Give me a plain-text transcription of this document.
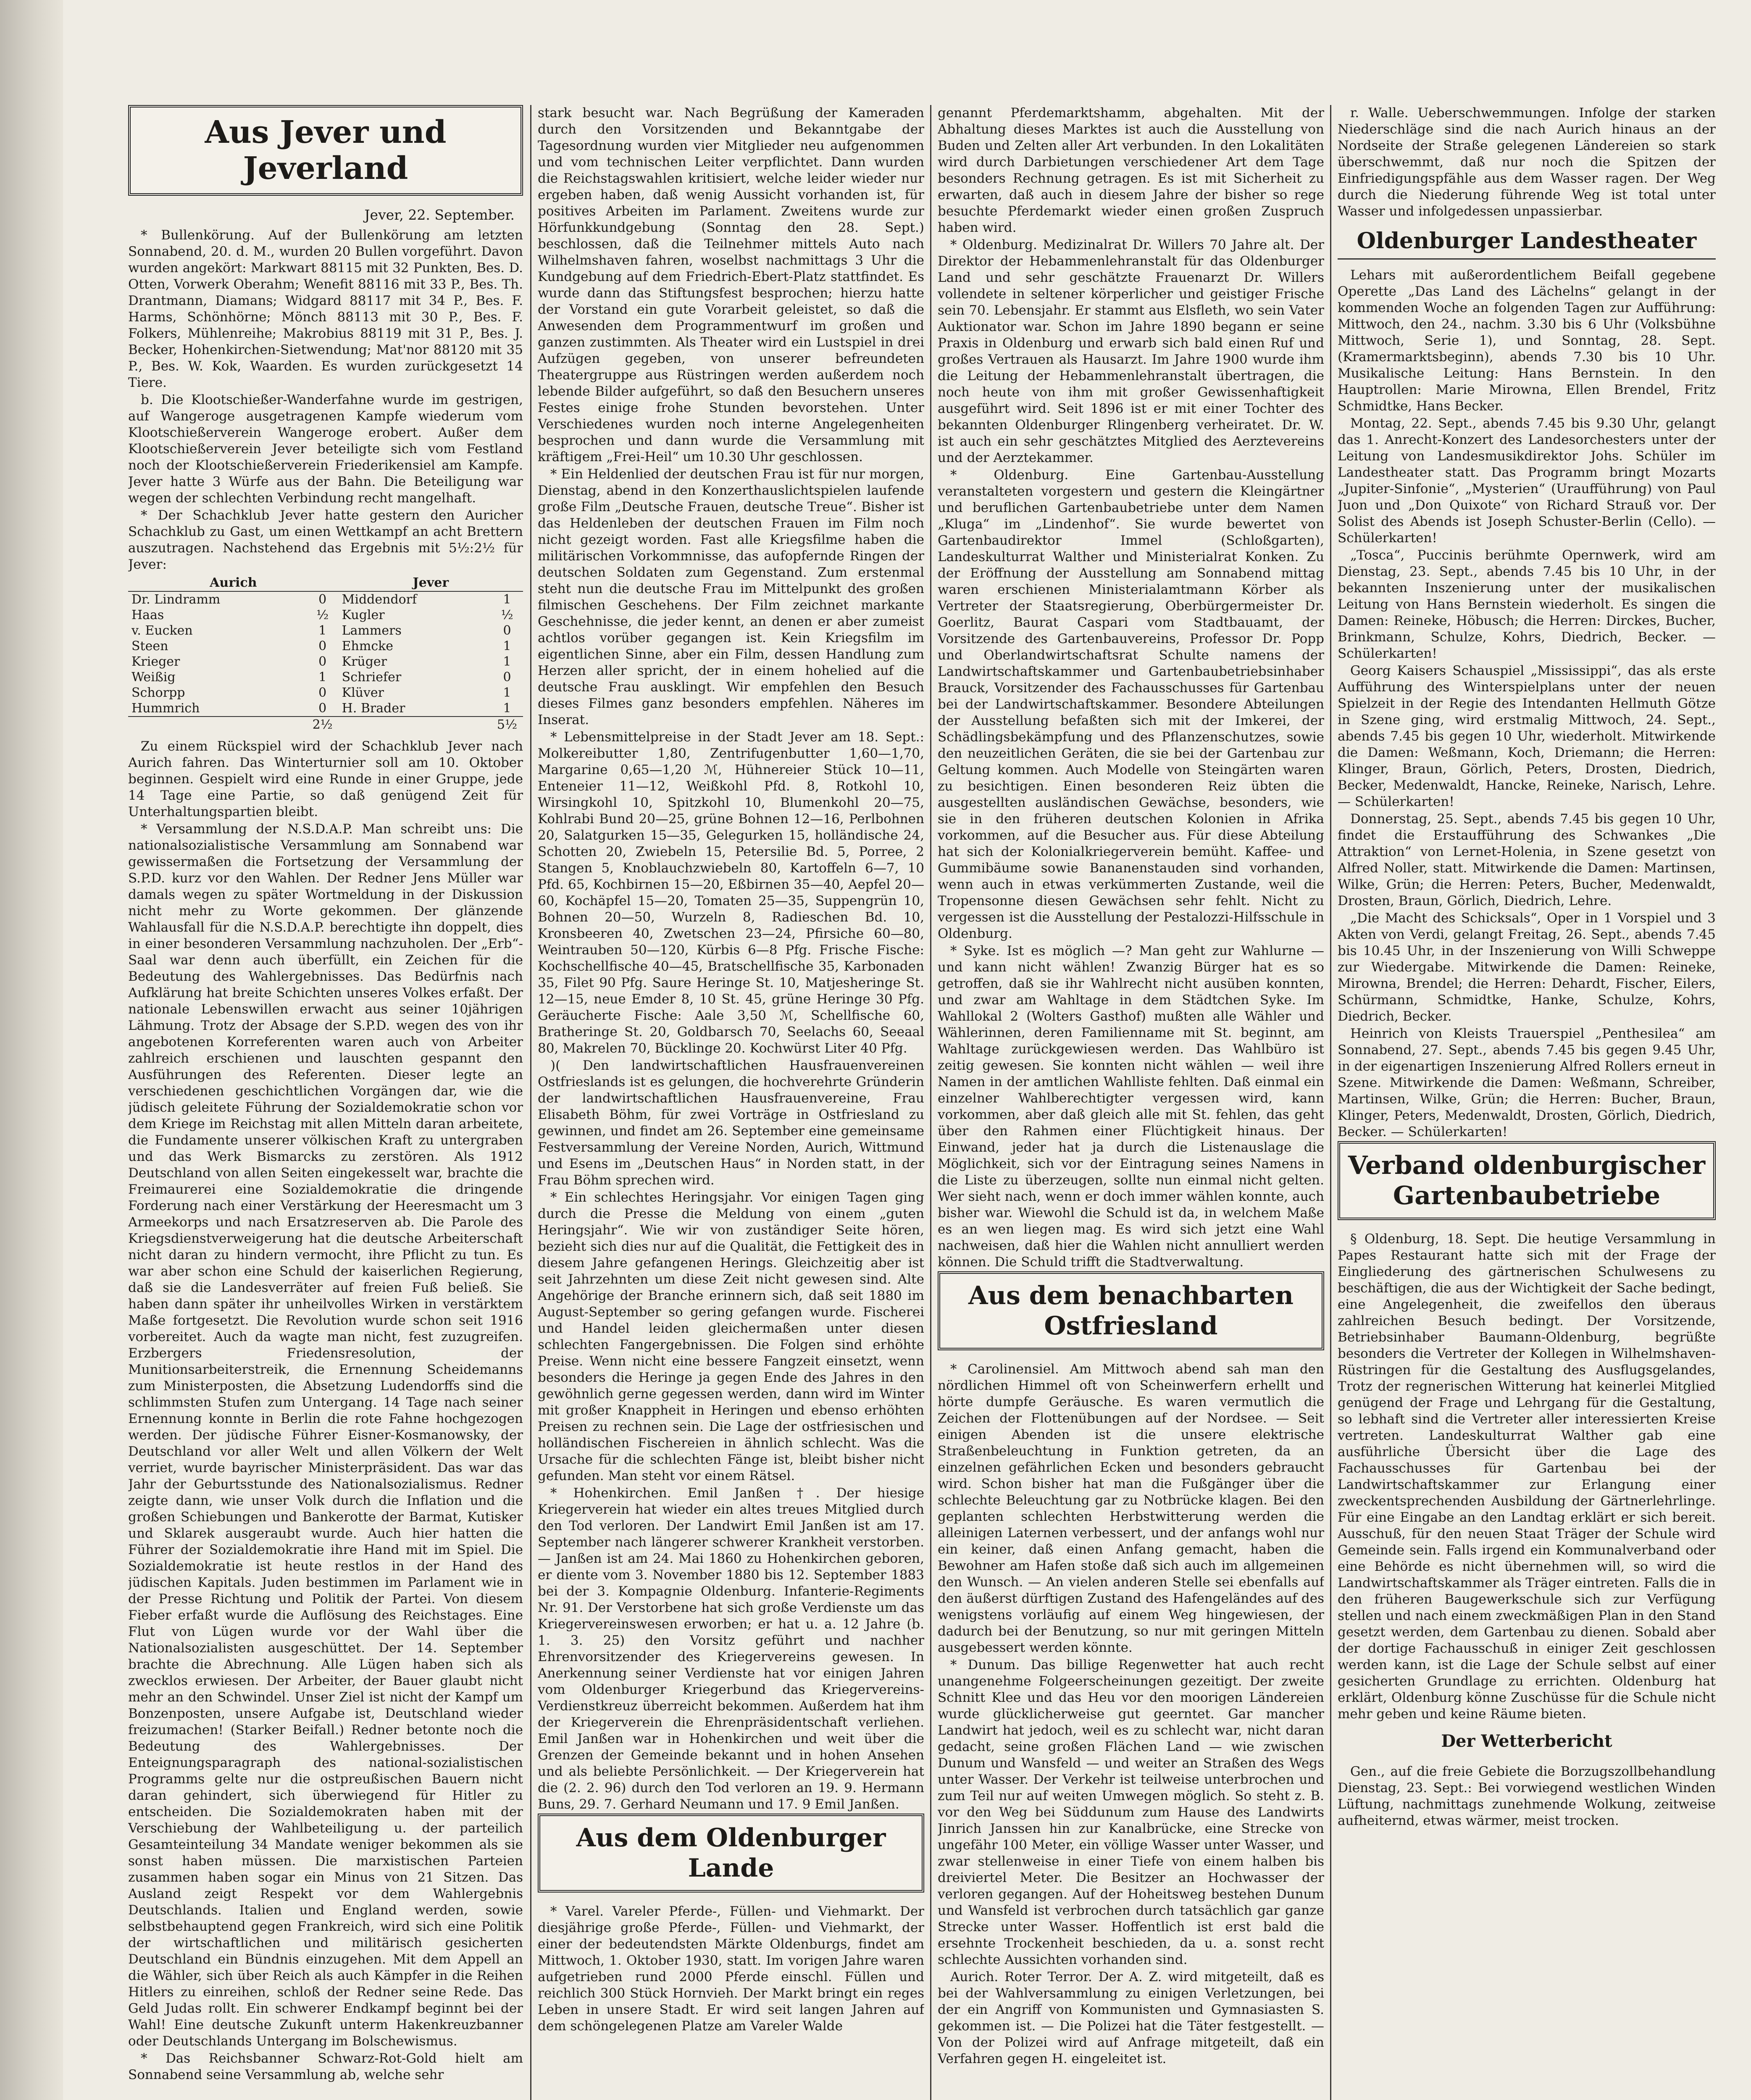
Aus Jever und Jeverland
Jever, 22. September.

* Bullenkörung. Auf der Bullenkörung am letzten Sonnabend, 20. d. M., wurden 20 Bullen vorgeführt. Davon wurden angekört: Markwart 88115 mit 32 Punkten, Bes. D. Otten, Vorwerk Oberahm; Wenefit 88116 mit 33 P., Bes. Th. Drantmann, Diamans; Widgard 88117 mit 34 P., Bes. F. Harms, Schönhörne; Mönch 88113 mit 30 P., Bes. F. Folkers, Mühlenreihe; Makrobius 88119 mit 31 P., Bes. J. Becker, Hohenkirchen-Sietwendung; Mat'nor 88120 mit 35 P., Bes. W. Kok, Waarden. Es wurden zurückgesetzt 14 Tiere.

b. Die Klootschießer-Wanderfahne wurde im gestrigen, auf Wangeroge ausgetragenen Kampfe wiederum vom Klootschießerverein Wangeroge erobert. Außer dem Klootschießerverein Jever beteiligte sich vom Festland noch der Klootschießerverein Friederikensiel am Kampfe. Jever hatte 3 Würfe aus der Bahn. Die Beteiligung war wegen der schlechten Verbindung recht mangelhaft.

* Der Schachklub Jever hatte gestern den Auricher Schachklub zu Gast, um einen Wettkampf an acht Brettern auszutragen. Nachstehend das Ergebnis mit 5½:2½ für Jever:

Aurich		Jever	
Dr. Lindramm	0	Middendorf	1
Haas	½	Kugler	½
v. Eucken	1	Lammers	0
Steen	0	Ehmcke	1
Krieger	0	Krüger	1
Weißig	1	Schriefer	0
Schorpp	0	Klüver	1
Hummrich	0	H. Brader	1
	2½		5½

Zu einem Rückspiel wird der Schachklub Jever nach Aurich fahren. Das Winterturnier soll am 10. Oktober beginnen. Gespielt wird eine Runde in einer Gruppe, jede 14 Tage eine Partie, so daß genügend Zeit für Unterhaltungspartien bleibt.

* Versammlung der N.S.D.A.P. Man schreibt uns: Die nationalsozialistische Versammlung am Sonnabend war gewissermaßen die Fortsetzung der Versammlung der S.P.D. kurz vor den Wahlen. Der Redner Jens Müller war damals wegen zu später Wortmeldung in der Diskussion nicht mehr zu Worte gekommen. Der glänzende Wahlausfall für die N.S.D.A.P. berechtigte ihn doppelt, dies in einer besonderen Versammlung nachzuholen. Der „Erb“-Saal war denn auch überfüllt, ein Zeichen für die Bedeutung des Wahlergebnisses. Das Bedürfnis nach Aufklärung hat breite Schichten unseres Volkes erfaßt. Der nationale Lebenswillen erwacht aus seiner 10jährigen Lähmung. Trotz der Absage der S.P.D. wegen des von ihr angebotenen Korreferenten waren auch von Arbeiter zahlreich erschienen und lauschten gespannt den Ausführungen des Referenten. Dieser legte an verschiedenen geschichtlichen Vorgängen dar, wie die jüdisch geleitete Führung der Sozialdemokratie schon vor dem Kriege im Reichstag mit allen Mitteln daran arbeitete, die Fundamente unserer völkischen Kraft zu untergraben und das Werk Bismarcks zu zerstören. Als 1912 Deutschland von allen Seiten eingekesselt war, brachte die Freimaurerei eine Sozialdemokratie die dringende Forderung nach einer Verstärkung der Heeresmacht um 3 Armeekorps und nach Ersatzreserven ab. Die Parole des Kriegsdienstverweigerung hat die deutsche Arbeiterschaft nicht daran zu hindern vermocht, ihre Pflicht zu tun. Es war aber schon eine Schuld der kaiserlichen Regierung, daß sie die Landesverräter auf freien Fuß beließ. Sie haben dann später ihr unheilvolles Wirken in verstärktem Maße fortgesetzt. Die Revolution wurde schon seit 1916 vorbereitet. Auch da wagte man nicht, fest zuzugreifen. Erzbergers Friedensresolution, der Munitionsarbeiterstreik, die Ernennung Scheidemanns zum Ministerposten, die Absetzung Ludendorffs sind die schlimmsten Stufen zum Untergang. 14 Tage nach seiner Ernennung konnte in Berlin die rote Fahne hochgezogen werden. Der jüdische Führer Eisner-Kosmanowsky, der Deutschland vor aller Welt und allen Völkern der Welt verriet, wurde bayrischer Ministerpräsident. Das war das Jahr der Geburtsstunde des Nationalsozialismus. Redner zeigte dann, wie unser Volk durch die Inflation und die großen Schiebungen und Bankerotte der Barmat, Kutisker und Sklarek ausgeraubt wurde. Auch hier hatten die Führer der Sozialdemokratie ihre Hand mit im Spiel. Die Sozialdemokratie ist heute restlos in der Hand des jüdischen Kapitals. Juden bestimmen im Parlament wie in der Presse Richtung und Politik der Partei. Von diesem Fieber erfaßt wurde die Auflösung des Reichstages. Eine Flut von Lügen wurde vor der Wahl über die Nationalsozialisten ausgeschüttet. Der 14. September brachte die Abrechnung. Alle Lügen haben sich als zwecklos erwiesen. Der Arbeiter, der Bauer glaubt nicht mehr an den Schwindel. Unser Ziel ist nicht der Kampf um Bonzenposten, unsere Aufgabe ist, Deutschland wieder freizumachen! (Starker Beifall.) Redner betonte noch die Bedeutung des Wahlergebnisses. Der Enteignungsparagraph des national-sozialistischen Programms gelte nur die ostpreußischen Bauern nicht daran gehindert, sich überwiegend für Hitler zu entscheiden. Die Sozialdemokraten haben mit der Verschiebung der Wahlbeteiligung u. der parteilich Gesamteinteilung 34 Mandate weniger bekommen als sie sonst haben müssen. Die marxistischen Parteien zusammen haben sogar ein Minus von 21 Sitzen. Das Ausland zeigt Respekt vor dem Wahlergebnis Deutschlands. Italien und England werden, sowie selbstbehauptend gegen Frankreich, wird sich eine Politik der wirtschaftlichen und militärisch gesicherten Deutschland ein Bündnis einzugehen. Mit dem Appell an die Wähler, sich über Reich als auch Kämpfer in die Reihen Hitlers zu einreihen, schloß der Redner seine Rede. Das Geld Judas rollt. Ein schwerer Endkampf beginnt bei der Wahl! Eine deutsche Zukunft unterm Hakenkreuzbanner oder Deutschlands Untergang im Bolschewismus.

* Das Reichsbanner Schwarz-Rot-Gold hielt am Sonnabend seine Versammlung ab, welche sehr

stark besucht war. Nach Begrüßung der Kameraden durch den Vorsitzenden und Bekanntgabe der Tagesordnung wurden vier Mitglieder neu aufgenommen und vom technischen Leiter verpflichtet. Dann wurden die Reichstagswahlen kritisiert, welche leider wieder nur ergeben haben, daß wenig Aussicht vorhanden ist, für positives Arbeiten im Parlament. Zweitens wurde zur Hörfunkkundgebung (Sonntag den 28. Sept.) beschlossen, daß die Teilnehmer mittels Auto nach Wilhelmshaven fahren, woselbst nachmittags 3 Uhr die Kundgebung auf dem Friedrich-Ebert-Platz stattfindet. Es wurde dann das Stiftungsfest besprochen; hierzu hatte der Vorstand ein gute Vorarbeit geleistet, so daß die Anwesenden dem Programmentwurf im großen und ganzen zustimmten. Als Theater wird ein Lustspiel in drei Aufzügen gegeben, von unserer befreundeten Theatergruppe aus Rüstringen werden außerdem noch lebende Bilder aufgeführt, so daß den Besuchern unseres Festes einige frohe Stunden bevorstehen. Unter Verschiedenes wurden noch interne Angelegenheiten besprochen und dann wurde die Versammlung mit kräftigem „Frei-Heil“ um 10.30 Uhr geschlossen.

* Ein Heldenlied der deutschen Frau ist für nur morgen, Dienstag, abend in den Konzerthauslichtspielen laufende große Film „Deutsche Frauen, deutsche Treue“. Bisher ist das Heldenleben der deutschen Frauen im Film noch nicht gezeigt worden. Fast alle Kriegsfilme haben die militärischen Vorkommnisse, das aufopfernde Ringen der deutschen Soldaten zum Gegenstand. Zum erstenmal steht nun die deutsche Frau im Mittelpunkt des großen filmischen Geschehens. Der Film zeichnet markante Geschehnisse, die jeder kennt, an denen er aber zumeist achtlos vorüber gegangen ist. Kein Kriegsfilm im eigentlichen Sinne, aber ein Film, dessen Handlung zum Herzen aller spricht, der in einem hohelied auf die deutsche Frau ausklingt. Wir empfehlen den Besuch dieses Filmes ganz besonders empfehlen. Näheres im Inserat.

* Lebensmittelpreise in der Stadt Jever am 18. Sept.: Molkereibutter 1,80, Zentrifugenbutter 1,60—1,70, Margarine 0,65—1,20 ℳ, Hühnereier Stück 10—11, Enteneier 11—12, Weißkohl Pfd. 8, Rotkohl 10, Wirsingkohl 10, Spitzkohl 10, Blumenkohl 20—75, Kohlrabi Bund 20—25, grüne Bohnen 12—16, Perlbohnen 20, Salatgurken 15—35, Gelegurken 15, holländische 24, Schotten 20, Zwiebeln 15, Petersilie Bd. 5, Porree, 2 Stangen 5, Knoblauchzwiebeln 80, Kartoffeln 6—7, 10 Pfd. 65, Kochbirnen 15—20, Eßbirnen 35—40, Aepfel 20—60, Kochäpfel 15—20, Tomaten 25—35, Suppengrün 10, Bohnen 20—50, Wurzeln 8, Radieschen Bd. 10, Kronsbeeren 40, Zwetschen 23—24, Pfirsiche 60—80, Weintrauben 50—120, Kürbis 6—8 Pfg. Frische Fische: Kochschellfische 40—45, Bratschellfische 35, Karbonaden 35, Filet 90 Pfg. Saure Heringe St. 10, Matjesheringe St. 12—15, neue Emder 8, 10 St. 45, grüne Heringe 30 Pfg. Geräucherte Fische: Aale 3,50 ℳ, Schellfische 60, Bratheringe St. 20, Goldbarsch 70, Seelachs 60, Seeaal 80, Makrelen 70, Bücklinge 20. Kochwürst Liter 40 Pfg.

)( Den landwirtschaftlichen Hausfrauenvereinen Ostfrieslands ist es gelungen, die hochverehrte Gründerin der landwirtschaftlichen Hausfrauenvereine, Frau Elisabeth Böhm, für zwei Vorträge in Ostfriesland zu gewinnen, und findet am 26. September eine gemeinsame Festversammlung der Vereine Norden, Aurich, Wittmund und Esens im „Deutschen Haus“ in Norden statt, in der Frau Böhm sprechen wird.

* Ein schlechtes Heringsjahr. Vor einigen Tagen ging durch die Presse die Meldung von einem „guten Heringsjahr“. Wie wir von zuständiger Seite hören, bezieht sich dies nur auf die Qualität, die Fettigkeit des in diesem Jahre gefangenen Herings. Gleichzeitig aber ist seit Jahrzehnten um diese Zeit nicht gewesen sind. Alte Angehörige der Branche erinnern sich, daß seit 1880 im August-September so gering gefangen wurde. Fischerei und Handel leiden gleichermaßen unter diesen schlechten Fangergebnissen. Die Folgen sind erhöhte Preise. Wenn nicht eine bessere Fangzeit einsetzt, wenn besonders die Heringe ja gegen Ende des Jahres in den gewöhnlich gerne gegessen werden, dann wird im Winter mit großer Knappheit in Heringen und ebenso erhöhten Preisen zu rechnen sein. Die Lage der ostfriesischen und holländischen Fischereien in ähnlich schlecht. Was die Ursache für die schlechten Fänge ist, bleibt bisher nicht gefunden. Man steht vor einem Rätsel.

* Hohenkirchen. Emil Janßen †. Der hiesige Kriegerverein hat wieder ein altes treues Mitglied durch den Tod verloren. Der Landwirt Emil Janßen ist am 17. September nach längerer schwerer Krankheit verstorben. — Janßen ist am 24. Mai 1860 zu Hohenkirchen geboren, er diente vom 3. November 1880 bis 12. September 1883 bei der 3. Kompagnie Oldenburg. Infanterie-Regiments Nr. 91. Der Verstorbene hat sich große Verdienste um das Kriegervereinswesen erworben; er hat u. a. 12 Jahre (b. 1. 3. 25) den Vorsitz geführt und nachher Ehrenvorsitzender des Kriegervereins gewesen. In Anerkennung seiner Verdienste hat vor einigen Jahren vom Oldenburger Kriegerbund das Kriegervereins-Verdienstkreuz überreicht bekommen. Außerdem hat ihm der Kriegerverein die Ehrenpräsidentschaft verliehen. Emil Janßen war in Hohenkirchen und weit über die Grenzen der Gemeinde bekannt und in hohen Ansehen und als beliebte Persönlichkeit. — Der Kriegerverein hat die (2. 2. 96) durch den Tod verloren an 19. 9. Hermann Buns, 29. 7. Gerhard Neumann und 17. 9 Emil Janßen.

Aus dem Oldenburger Lande

* Varel. Vareler Pferde-, Füllen- und Viehmarkt. Der diesjährige große Pferde-, Füllen- und Viehmarkt, der einer der bedeutendsten Märkte Oldenburgs, findet am Mittwoch, 1. Oktober 1930, statt. Im vorigen Jahre waren aufgetrieben rund 2000 Pferde einschl. Füllen und reichlich 300 Stück Hornvieh. Der Markt bringt ein reges Leben in unsere Stadt. Er wird seit langen Jahren auf dem schöngelegenen Platze am Vareler Walde

genannt Pferdemarktshamm, abgehalten. Mit der Abhaltung dieses Marktes ist auch die Ausstellung von Buden und Zelten aller Art verbunden. In den Lokalitäten wird durch Darbietungen verschiedener Art dem Tage besonders Rechnung getragen. Es ist mit Sicherheit zu erwarten, daß auch in diesem Jahre der bisher so rege besuchte Pferdemarkt wieder einen großen Zuspruch haben wird.

* Oldenburg. Medizinalrat Dr. Willers 70 Jahre alt. Der Direktor der Hebammenlehranstalt für das Oldenburger Land und sehr geschätzte Frauenarzt Dr. Willers vollendete in seltener körperlicher und geistiger Frische sein 70. Lebensjahr. Er stammt aus Elsfleth, wo sein Vater Auktionator war. Schon im Jahre 1890 begann er seine Praxis in Oldenburg und erwarb sich bald einen Ruf und großes Vertrauen als Hausarzt. Im Jahre 1900 wurde ihm die Leitung der Hebammenlehranstalt übertragen, die noch heute von ihm mit großer Gewissenhaftigkeit ausgeführt wird. Seit 1896 ist er mit einer Tochter des bekannten Oldenburger Rlingenberg verheiratet. Dr. W. ist auch ein sehr geschätztes Mitglied des Aerztevereins und der Aerztekammer.

* Oldenburg. Eine Gartenbau-Ausstellung veranstalteten vorgestern und gestern die Kleingärtner und beruflichen Gartenbaubetriebe unter dem Namen „Kluga“ im „Lindenhof“. Sie wurde bewertet von Gartenbaudirektor Immel (Schloßgarten), Landeskulturrat Walther und Ministerialrat Konken. Zu der Eröffnung der Ausstellung am Sonnabend mittag waren erschienen Ministerialamtmann Körber als Vertreter der Staatsregierung, Oberbürgermeister Dr. Goerlitz, Baurat Caspari vom Stadtbauamt, der Vorsitzende des Gartenbauvereins, Professor Dr. Popp und Oberlandwirtschaftsrat Schulte namens der Landwirtschaftskammer und Gartenbaubetriebsinhaber Brauck, Vorsitzender des Fachausschusses für Gartenbau bei der Landwirtschaftskammer. Besondere Abteilungen der Ausstellung befaßten sich mit der Imkerei, der Schädlingsbekämpfung und des Pflanzenschutzes, sowie den neuzeitlichen Geräten, die sie bei der Gartenbau zur Geltung kommen. Auch Modelle von Steingärten waren zu besichtigen. Einen besonderen Reiz übten die ausgestellten ausländischen Gewächse, besonders, wie sie in den früheren deutschen Kolonien in Afrika vorkommen, auf die Besucher aus. Für diese Abteilung hat sich der Kolonialkriegerverein bemüht. Kaffee- und Gummibäume sowie Bananenstauden sind vorhanden, wenn auch in etwas verkümmerten Zustande, weil die Tropensonne diesen Gewächsen sehr fehlt. Nicht zu vergessen ist die Ausstellung der Pestalozzi-Hilfsschule in Oldenburg.

* Syke. Ist es möglich —? Man geht zur Wahlurne — und kann nicht wählen! Zwanzig Bürger hat es so getroffen, daß sie ihr Wahlrecht nicht ausüben konnten, und zwar am Wahltage in dem Städtchen Syke. Im Wahllokal 2 (Wolters Gasthof) mußten alle Wähler und Wählerinnen, deren Familienname mit St. beginnt, am Wahltage zurückgewiesen werden. Das Wahlbüro ist zeitig gewesen. Sie konnten nicht wählen — weil ihre Namen in der amtlichen Wahlliste fehlten. Daß einmal ein einzelner Wahlberechtigter vergessen wird, kann vorkommen, aber daß gleich alle mit St. fehlen, das geht über den Rahmen einer Flüchtigkeit hinaus. Der Einwand, jeder hat ja durch die Listenauslage die Möglichkeit, sich vor der Eintragung seines Namens in die Liste zu überzeugen, sollte nun einmal nicht gelten. Wer sieht nach, wenn er doch immer wählen konnte, auch bisher war. Wiewohl die Schuld ist da, in welchem Maße es an wen liegen mag. Es wird sich jetzt eine Wahl nachweisen, daß hier die Wahlen nicht annulliert werden können. Die Schuld trifft die Stadtverwaltung.

Aus dem benachbarten Ostfriesland

* Carolinensiel. Am Mittwoch abend sah man den nördlichen Himmel oft von Scheinwerfern erhellt und hörte dumpfe Geräusche. Es waren vermutlich die Zeichen der Flottenübungen auf der Nordsee. — Seit einigen Abenden ist die unsere elektrische Straßenbeleuchtung in Funktion getreten, da an einzelnen gefährlichen Ecken und besonders gebraucht wird. Schon bisher hat man die Fußgänger über die schlechte Beleuchtung gar zu Notbrücke klagen. Bei den geplanten schlechten Herbstwitterung werden die alleinigen Laternen verbessert, und der anfangs wohl nur ein keiner, daß einen Anfang gemacht, haben die Bewohner am Hafen stoße daß sich auch im allgemeinen den Wunsch. — An vielen anderen Stelle sei ebenfalls auf den äußerst dürftigen Zustand des Hafengeländes auf des wenigstens vorläufig auf einem Weg hingewiesen, der dadurch bei der Benutzung, so nur mit geringen Mitteln ausgebessert werden könnte.

* Dunum. Das billige Regenwetter hat auch recht unangenehme Folgeerscheinungen gezeitigt. Der zweite Schnitt Klee und das Heu vor den moorigen Ländereien wurde glücklicherweise gut geerntet. Gar mancher Landwirt hat jedoch, weil es zu schlecht war, nicht daran gedacht, seine großen Flächen Land — wie zwischen Dunum und Wansfeld — und weiter an Straßen des Wegs unter Wasser. Der Verkehr ist teilweise unterbrochen und zum Teil nur auf weiten Umwegen möglich. So steht z. B. vor den Weg bei Süddunum zum Hause des Landwirts Jinrich Janssen hin zur Kanalbrücke, eine Strecke von ungefähr 100 Meter, ein völlige Wasser unter Wasser, und zwar stellenweise in einer Tiefe von einem halben bis dreiviertel Meter. Die Besitzer an Hochwasser der verloren gegangen. Auf der Hoheitsweg bestehen Dunum und Wansfeld ist verbrochen durch tatsächlich gar ganze Strecke unter Wasser. Hoffentlich ist erst bald die ersehnte Trockenheit beschieden, da u. a. sonst recht schlechte Aussichten vorhanden sind.

Aurich. Roter Terror. Der A. Z. wird mitgeteilt, daß es bei der Wahlversammlung zu einigen Verletzungen, bei der ein Angriff von Kommunisten und Gymnasiasten S. gekommen ist. — Die Polizei hat die Täter festgestellt. — Von der Polizei wird auf Anfrage mitgeteilt, daß ein Verfahren gegen H. eingeleitet ist.

r. Walle. Ueberschwemmungen. Infolge der starken Niederschläge sind die nach Aurich hinaus an der Nordseite der Straße gelegenen Ländereien so stark überschwemmt, daß nur noch die Spitzen der Einfriedigungspfähle aus dem Wasser ragen. Der Weg durch die Niederung führende Weg ist total unter Wasser und infolgedessen unpassierbar.

Oldenburger Landestheater

Lehars mit außerordentlichem Beifall gegebene Operette „Das Land des Lächelns“ gelangt in der kommenden Woche an folgenden Tagen zur Aufführung: Mittwoch, den 24., nachm. 3.30 bis 6 Uhr (Volksbühne Mittwoch, Serie 1), und Sonntag, 28. Sept. (Kramermarktsbeginn), abends 7.30 bis 10 Uhr. Musikalische Leitung: Hans Bernstein. In den Hauptrollen: Marie Mirowna, Ellen Brendel, Fritz Schmidtke, Hans Becker.

Montag, 22. Sept., abends 7.45 bis 9.30 Uhr, gelangt das 1. Anrecht-Konzert des Landesorchesters unter der Leitung von Landesmusikdirektor Johs. Schüler im Landestheater statt. Das Programm bringt Mozarts „Jupiter-Sinfonie“, „Mysterien“ (Uraufführung) von Paul Juon und „Don Quixote“ von Richard Strauß vor. Der Solist des Abends ist Joseph Schuster-Berlin (Cello). — Schülerkarten!

„Tosca“, Puccinis berühmte Opernwerk, wird am Dienstag, 23. Sept., abends 7.45 bis 10 Uhr, in der bekannten Inszenierung unter der musikalischen Leitung von Hans Bernstein wiederholt. Es singen die Damen: Reineke, Höbusch; die Herren: Dirckes, Bucher, Brinkmann, Schulze, Kohrs, Diedrich, Becker. — Schülerkarten!

Georg Kaisers Schauspiel „Mississippi“, das als erste Aufführung des Winterspielplans unter der neuen Spielzeit in der Regie des Intendanten Hellmuth Götze in Szene ging, wird erstmalig Mittwoch, 24. Sept., abends 7.45 bis gegen 10 Uhr, wiederholt. Mitwirkende die Damen: Weßmann, Koch, Driemann; die Herren: Klinger, Braun, Görlich, Peters, Drosten, Diedrich, Becker, Medenwaldt, Hancke, Reineke, Narisch, Lehre. — Schülerkarten!

Donnerstag, 25. Sept., abends 7.45 bis gegen 10 Uhr, findet die Erstaufführung des Schwankes „Die Attraktion“ von Lernet-Holenia, in Szene gesetzt von Alfred Noller, statt. Mitwirkende die Damen: Martinsen, Wilke, Grün; die Herren: Peters, Bucher, Medenwaldt, Drosten, Braun, Görlich, Diedrich, Lehre.

„Die Macht des Schicksals“, Oper in 1 Vorspiel und 3 Akten von Verdi, gelangt Freitag, 26. Sept., abends 7.45 bis 10.45 Uhr, in der Inszenierung von Willi Schweppe zur Wiedergabe. Mitwirkende die Damen: Reineke, Mirowna, Brendel; die Herren: Dehardt, Fischer, Eilers, Schürmann, Schmidtke, Hanke, Schulze, Kohrs, Diedrich, Becker.

Heinrich von Kleists Trauerspiel „Penthesilea“ am Sonnabend, 27. Sept., abends 7.45 bis gegen 9.45 Uhr, in der eigenartigen Inszenierung Alfred Rollers erneut in Szene. Mitwirkende die Damen: Weßmann, Schreiber, Martinsen, Wilke, Grün; die Herren: Bucher, Braun, Klinger, Peters, Medenwaldt, Drosten, Görlich, Diedrich, Becker. — Schülerkarten!

Verband oldenburgischer Gartenbaubetriebe

§ Oldenburg, 18. Sept. Die heutige Versammlung in Papes Restaurant hatte sich mit der Frage der Eingliederung des gärtnerischen Schulwesens zu beschäftigen, die aus der Wichtigkeit der Sache bedingt, eine Angelegenheit, die zweifellos den überaus zahlreichen Besuch bedingt. Der Vorsitzende, Betriebsinhaber Baumann-Oldenburg, begrüßte besonders die Vertreter der Kollegen in Wilhelmshaven-Rüstringen für die Gestaltung des Ausflugsgelandes, Trotz der regnerischen Witterung hat keinerlei Mitglied genügend der Frage und Lehrgang für die Gestaltung, so lebhaft sind die Vertreter aller interessierten Kreise vertreten. Landeskulturrat Walther gab eine ausführliche Übersicht über die Lage des Fachausschusses für Gartenbau bei der Landwirtschaftskammer zur Erlangung einer zweckentsprechenden Ausbildung der Gärtnerlehrlinge. Für eine Eingabe an den Landtag erklärt er sich bereit. Ausschuß, für den neuen Staat Träger der Schule wird Gemeinde sein. Falls irgend ein Kommunalverband oder eine Behörde es nicht übernehmen will, so wird die Landwirtschaftskammer als Träger eintreten. Falls die in den früheren Baugewerkschule sich zur Verfügung stellen und nach einem zweckmäßigen Plan in den Stand gesetzt werden, dem Gartenbau zu dienen. Sobald aber der dortige Fachausschuß in einiger Zeit geschlossen werden kann, ist die Lage der Schule selbst auf einer gesicherten Grundlage zu errichten. Oldenburg hat erklärt, Oldenburg könne Zuschüsse für die Schule nicht mehr geben und keine Räume bieten.

Der Wetterbericht

Gen., auf die freie Gebiete die Borzugszollbehandlung Dienstag, 23. Sept.: Bei vorwiegend westlichen Winden Lüftung, nachmittags zunehmende Wolkung, zeitweise aufheiternd, etwas wärmer, meist trocken.
